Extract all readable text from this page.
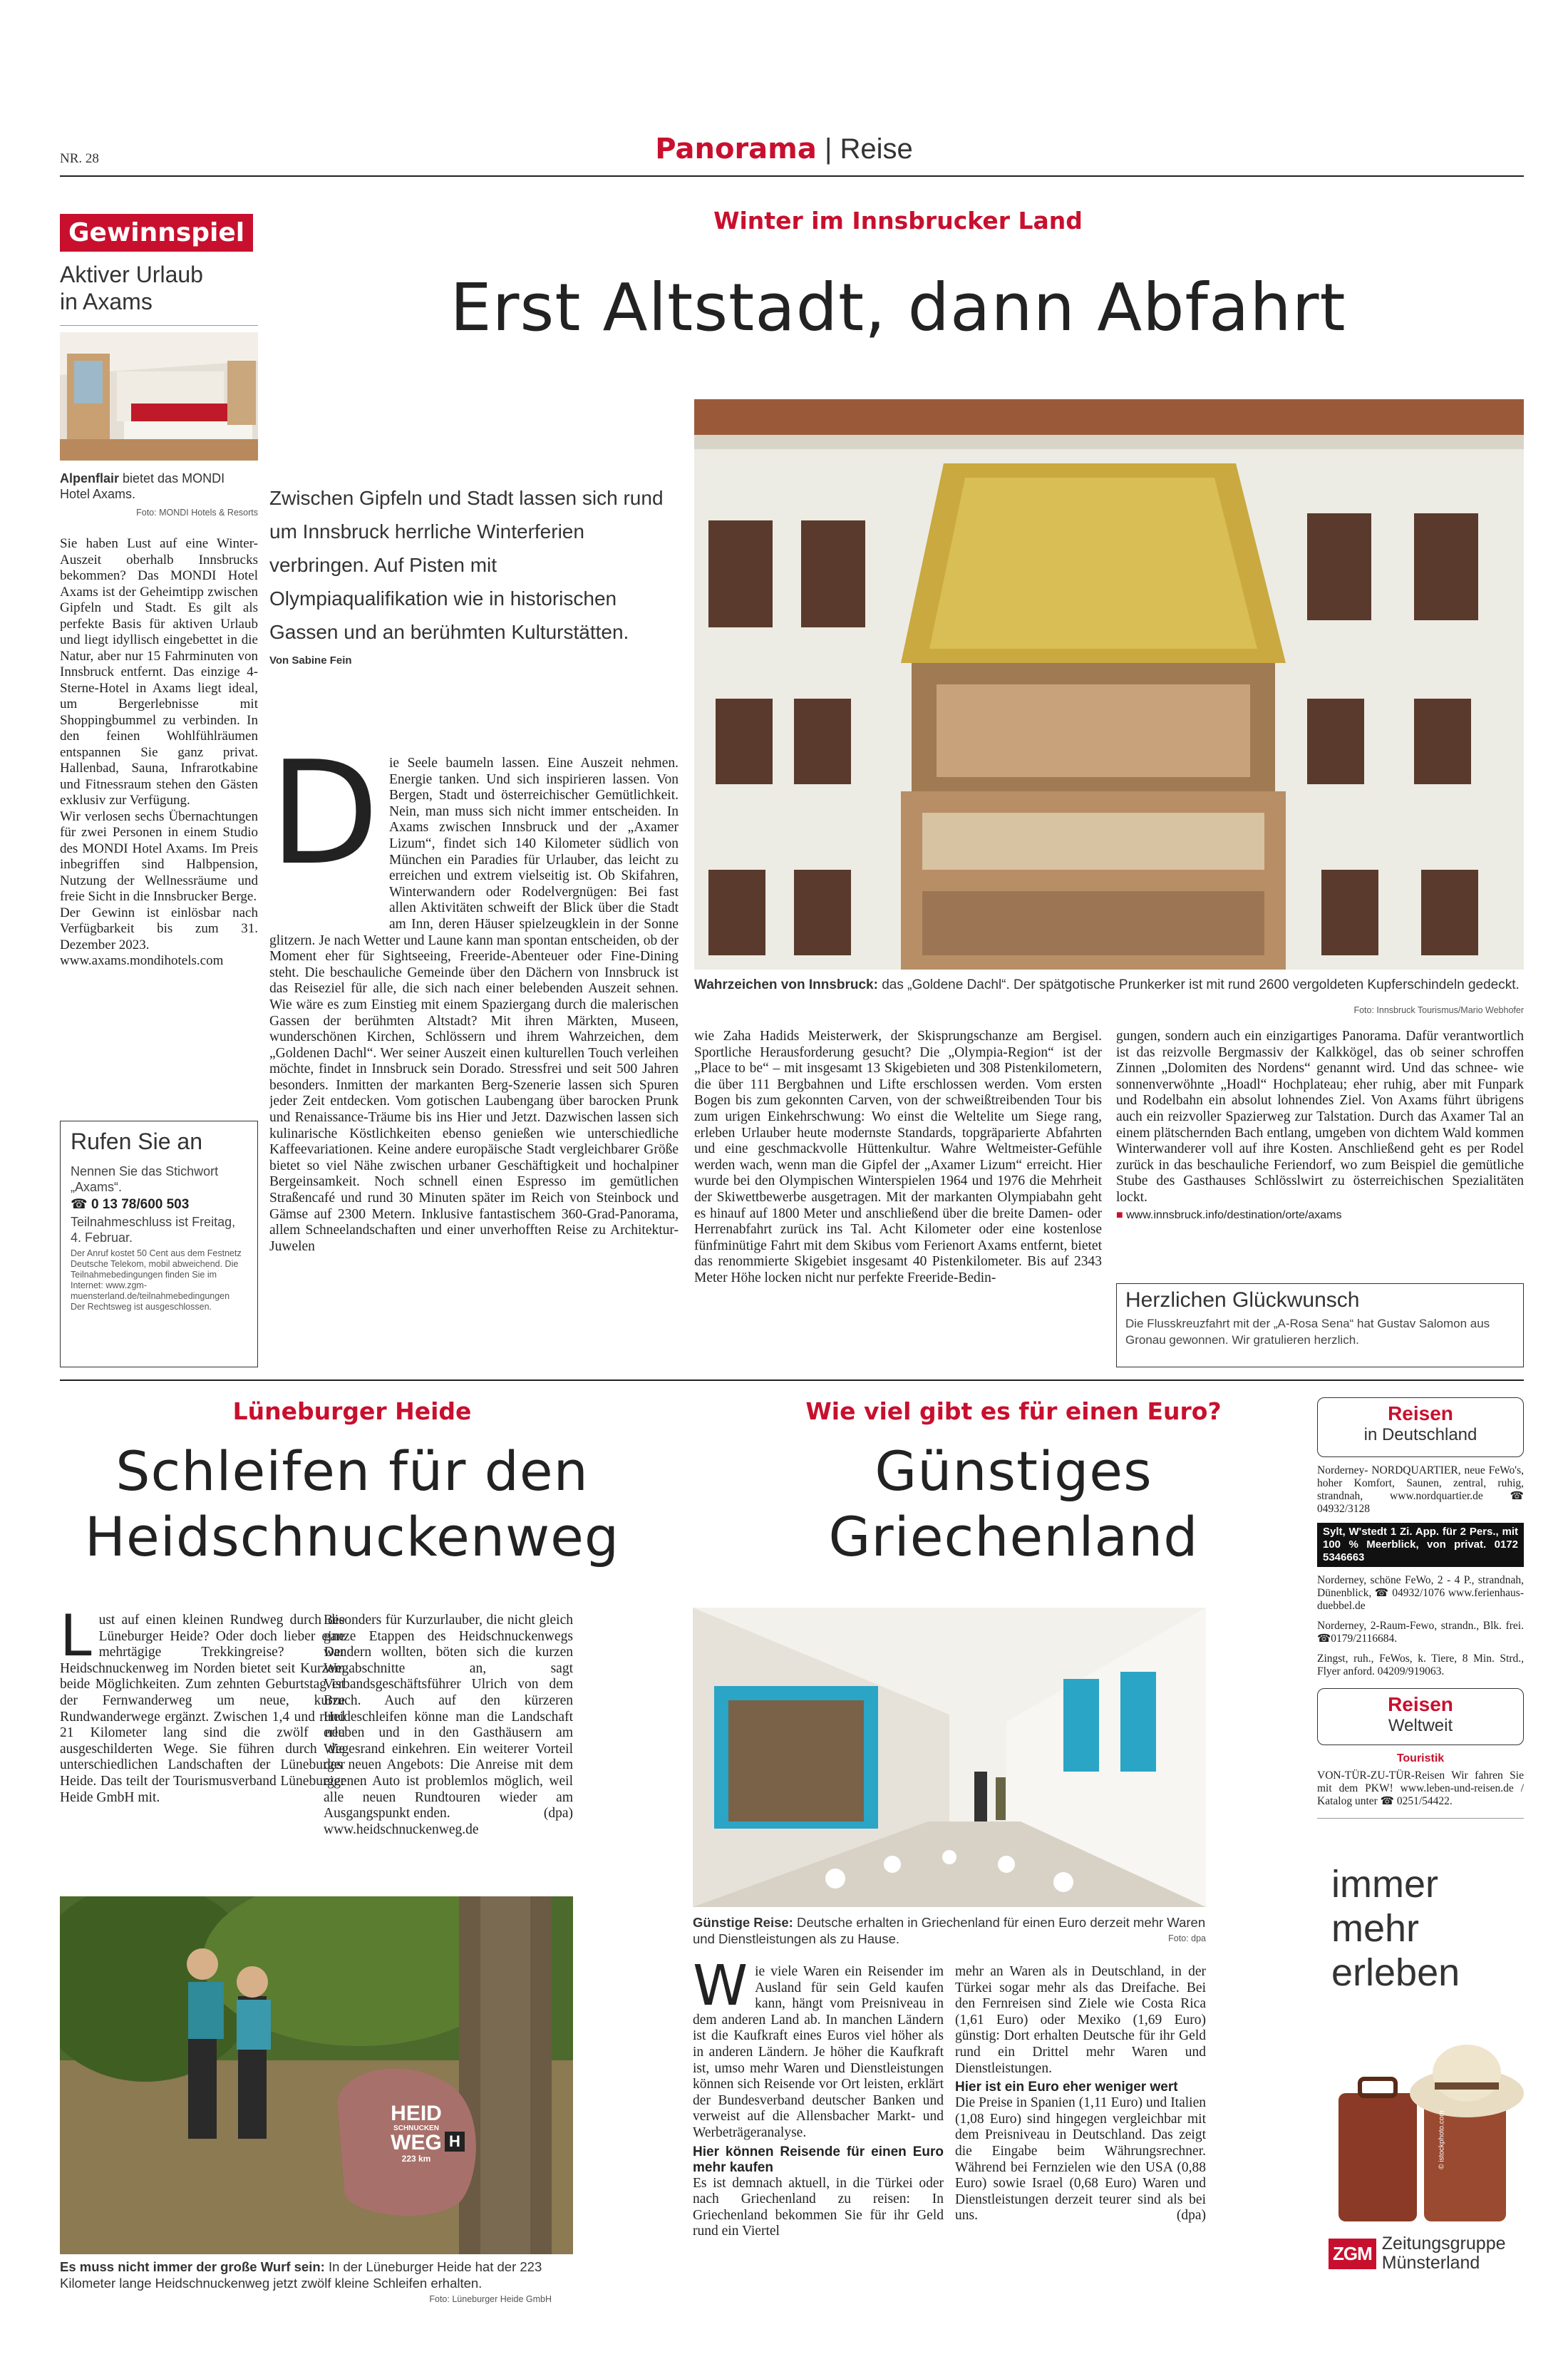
NR. 28	Panorama | Reise
Gewinnspiel
Aktiver Urlaub
in Axams
Alpenflair bietet das MONDI Hotel Axams.
Foto: MONDI Hotels & Resorts

Sie haben Lust auf eine Winter-Auszeit oberhalb Innsbrucks bekommen? Das MONDI Hotel Axams ist der Geheimtipp zwischen Gipfeln und Stadt. Es gilt als perfekte Basis für aktiven Urlaub und liegt idyllisch eingebettet in die Natur, aber nur 15 Fahrminuten von Innsbruck entfernt. Das einzige 4-Sterne-Hotel in Axams liegt ideal, um Bergerlebnisse mit Shoppingbummel zu verbinden. In den feinen Wohlfühlräumen entspannen Sie ganz privat. Hallenbad, Sauna, Infrarotkabine und Fitnessraum stehen den Gästen exklusiv zur Verfügung.

Wir verlosen sechs Übernachtungen für zwei Personen in einem Studio des MONDI Hotel Axams. Im Preis inbegriffen sind Halbpension, Nutzung der Wellnessräume und freie Sicht in die Innsbrucker Berge.

Der Gewinn ist einlösbar nach Verfügbarkeit bis zum 31. Dezember 2023.

www.axams.mondihotels.com

Rufen Sie an
Nennen Sie das Stichwort „Axams“.
☎ 0 13 78/600 503
Teilnahmeschluss ist Freitag, 4. Februar.
Der Anruf kostet 50 Cent aus dem Festnetz Deutsche Telekom, mobil abweichend. Die Teilnahmebedingungen finden Sie im Internet: www.zgm-muensterland.de/teilnahmebedingungen
Der Rechtsweg ist ausgeschlossen.
Winter im Innsbrucker Land
Erst Altstadt, dann Abfahrt
Zwischen Gipfeln und Stadt lassen sich rund um Innsbruck herrliche Winterferien verbringen. Auf Pisten mit Olympiaqualifikation wie in historischen Gassen und an berühmten Kulturstätten.
Von Sabine Fein
Wahrzeichen von Innsbruck: das „Goldene Dachl“. Der spätgotische Prunkerker ist mit rund 2600 vergoldeten Kupferschindeln gedeckt.
Foto: Innsbruck Tourismus/Mario Webhofer
D ie Seele baumeln lassen. Eine Auszeit nehmen. Energie tanken. Und sich inspirieren lassen. Von Bergen, Stadt und österreichischer Gemütlichkeit. Nein, man muss sich nicht immer entscheiden. In Axams zwischen Innsbruck und der „Axamer Lizum“, findet sich 140 Kilometer südlich von München ein Paradies für Urlauber, das leicht zu erreichen und extrem vielseitig ist. Ob Skifahren, Winterwandern oder Rodelvergnügen: Bei fast allen Aktivitäten schweift der Blick über die Stadt am Inn, deren Häuser spielzeugklein in der Sonne glitzern. Je nach Wetter und Laune kann man spontan entscheiden, ob der Moment eher für Sightseeing, Freeride-Abenteuer oder Fine-Dining steht. Die beschauliche Gemeinde über den Dächern von Innsbruck ist das Reiseziel für alle, die sich nach einer belebenden Auszeit sehnen. Wie wäre es zum Einstieg mit einem Spaziergang durch die malerischen Gassen der berühmten Altstadt? Mit ihren Märkten, Museen, wunderschönen Kirchen, Schlössern und ihrem Wahrzeichen, dem „Goldenen Dachl“. Wer seiner Auszeit einen kulturellen Touch verleihen möchte, findet in Innsbruck sein Dorado. Stressfrei und seit 500 Jahren besonders. Inmitten der markanten Berg-Szenerie lassen sich Spuren jeder Zeit entdecken. Vom gotischen Laubengang über barocken Prunk und Renaissance-Träume bis ins Hier und Jetzt. Dazwischen lassen sich kulinarische Köstlichkeiten ebenso genießen wie unterschiedliche Kaffeevariationen. Keine andere europäische Stadt vergleichbarer Größe bietet so viel Nähe zwischen urbaner Geschäftigkeit und hochalpiner Bergeinsamkeit. Noch schnell einen Espresso im gemütlichen Straßencafé und rund 30 Minuten später im Reich von Steinbock und Gämse auf 2300 Metern. Inklusive fantastischem 360-Grad-Panorama, allem Schneelandschaften und einer unverhofften Reise zu Architektur-Juwelen
wie Zaha Hadids Meisterwerk, der Skisprungschanze am Bergisel. Sportliche Herausforderung gesucht? Die „Olympia-Region“ ist der „Place to be“ – mit insgesamt 13 Skigebieten und 308 Pistenkilometern, die über 111 Bergbahnen und Lifte erschlossen werden. Vom ersten Bogen bis zum gekonnten Carven, von der schweißtreibenden Tour bis zum urigen Einkehrschwung: Wo einst die Weltelite um Siege rang, erleben Urlauber heute modernste Standards, topgräparierte Abfahrten und eine geschmackvolle Hüttenkultur. Wahre Weltmeister-Gefühle werden wach, wenn man die Gipfel der „Axamer Lizum“ erreicht. Hier wurde bei den Olympischen Winterspielen 1964 und 1976 die Mehrheit der Skiwettbewerbe ausgetragen. Mit der markanten Olympiabahn geht es hinauf auf 1800 Meter und anschließend über die breite Damen- oder Herrenabfahrt zurück ins Tal. Acht Kilometer oder eine kostenlose fünfminütige Fahrt mit dem Skibus vom Ferienort Axams entfernt, bietet das renommierte Skigebiet insgesamt 40 Pistenkilometer. Bis auf 2343 Meter Höhe locken nicht nur perfekte Freeride-Bedin-
gungen, sondern auch ein einzigartiges Panorama. Dafür verantwortlich ist das reizvolle Bergmassiv der Kalkkögel, das ob seiner schroffen Zinnen „Dolomiten des Nordens“ genannt wird. Und das schnee- wie sonnenverwöhnte „Hoadl“ Hochplateau; eher ruhig, aber mit Funpark und Rodelbahn ein absolut lohnendes Ziel. Von Axams führt übrigens auch ein reizvoller Spazierweg zur Talstation. Durch das Axamer Tal an einem plätschernden Bach entlang, umgeben von dichtem Wald kommen Winterwanderer voll auf ihre Kosten. Anschließend geht es per Rodel zurück in das beschauliche Feriendorf, wo zum Beispiel die gemütliche Stube des Gasthauses Schlösslwirt zu österreichischen Spezialitäten lockt.
■ www.innsbruck.info/destination/orte/axams
Herzlichen Glückwunsch
Die Flusskreuzfahrt mit der „A-Rosa Sena“ hat Gustav Salomon aus Gronau gewonnen. Wir gratulieren herzlich.
Lüneburger Heide
Schleifen für den
Heidschnuckenweg
L ust auf einen kleinen Rundweg durch die Lüneburger Heide? Oder doch lieber eine mehrtägige Trekkingreise? Der Heidschnuckenweg im Norden bietet seit Kurzem beide Möglichkeiten. Zum zehnten Geburtstag ist der Fernwanderweg um neue, kurze Rundwanderwege ergänzt. Zwischen 1,4 und rund 21 Kilometer lang sind die zwölf neu ausgeschilderten Wege. Sie führen durch die unterschiedlichen Landschaften der Lüneburger Heide. Das teilt der Tourismusverband Lüneburger Heide GmbH mit.
Besonders für Kurzurlauber, die nicht gleich ganze Etappen des Heidschnuckenwegs wandern wollten, böten sich die kurzen Wegabschnitte an, sagt Verbandsgeschäftsführer Ulrich von dem Bruch. Auch auf den kürzeren Heideschleifen könne man die Landschaft erleben und in den Gasthäusern am Wegesrand einkehren. Ein weiterer Vorteil des neuen Angebots: Die Anreise mit dem eigenen Auto ist problemlos möglich, weil alle neuen Rundtouren wieder am Ausgangspunkt enden.	(dpa)
www.heidschnuckenweg.de
HEID
SCHNUCKEN
WEG
223 km
H
Es muss nicht immer der große Wurf sein: In der Lüneburger Heide hat der 223 Kilometer lange Heidschnuckenweg jetzt zwölf kleine Schleifen erhalten.
Foto: Lüneburger Heide GmbH
Wie viel gibt es für einen Euro?
Günstiges
Griechenland
Günstige Reise: Deutsche erhalten in Griechenland für einen Euro derzeit mehr Waren und Dienstleistungen als zu Hause.	Foto: dpa
W ie viele Waren ein Reisender im Ausland für sein Geld kaufen kann, hängt vom Preisniveau in dem anderen Land ab. In manchen Ländern ist die Kaufkraft eines Euros viel höher als in anderen Ländern. Je höher die Kaufkraft ist, umso mehr Waren und Dienstleistungen können sich Reisende vor Ort leisten, erklärt der Bundesverband deutscher Banken und verweist auf die Allensbacher Markt- und Werbeträgeranalyse.
Hier können Reisende für einen Euro mehr kaufen
Es ist demnach aktuell, in die Türkei oder nach Griechenland zu reisen: In Griechenland bekommen Sie für ihr Geld rund ein Viertel
mehr an Waren als in Deutschland, in der Türkei sogar mehr als das Dreifache. Bei den Fernreisen sind Ziele wie Costa Rica (1,61 Euro) oder Mexiko (1,69 Euro) günstig: Dort erhalten Deutsche für ihr Geld rund ein Drittel mehr Waren und Dienstleistungen.
Hier ist ein Euro eher weniger wert
Die Preise in Spanien (1,11 Euro) und Italien (1,08 Euro) sind hingegen vergleichbar mit dem Preisniveau in Deutschland. Das zeigt die Eingabe beim Währungsrechner. Während bei Fernzielen wie den USA (0,88 Euro) sowie Israel (0,68 Euro) Waren und Dienstleistungen derzeit teurer sind als bei uns.	(dpa)
Reisen
in Deutschland
Norderney- NORDQUARTIER, neue FeWo's, hoher Komfort, Saunen, zentral, ruhig, strandnah, www.nordquartier.de ☎ 04932/3128
Sylt, W'stedt 1 Zi. App. für 2 Pers., mit 100 % Meerblick, von privat. 0172 5346663
Norderney, schöne FeWo, 2 - 4 P., strandnah, Dünenblick, ☎ 04932/1076 www.ferienhaus-duebbel.de
Norderney, 2-Raum-Fewo, strandn., Blk. frei. ☎0179/2116684.
Zingst, ruh., FeWos, k. Tiere, 8 Min. Strd., Flyer anford. 04209/919063.
Reisen
Weltweit
Touristik
VON-TÜR-ZU-TÜR-Reisen Wir fahren Sie mit dem PKW! www.leben-und-reisen.de / Katalog unter ☎ 0251/54422.
immer
mehr
erleben
© istockphoto.com
ZGM Zeitungsgruppe
Münsterland
